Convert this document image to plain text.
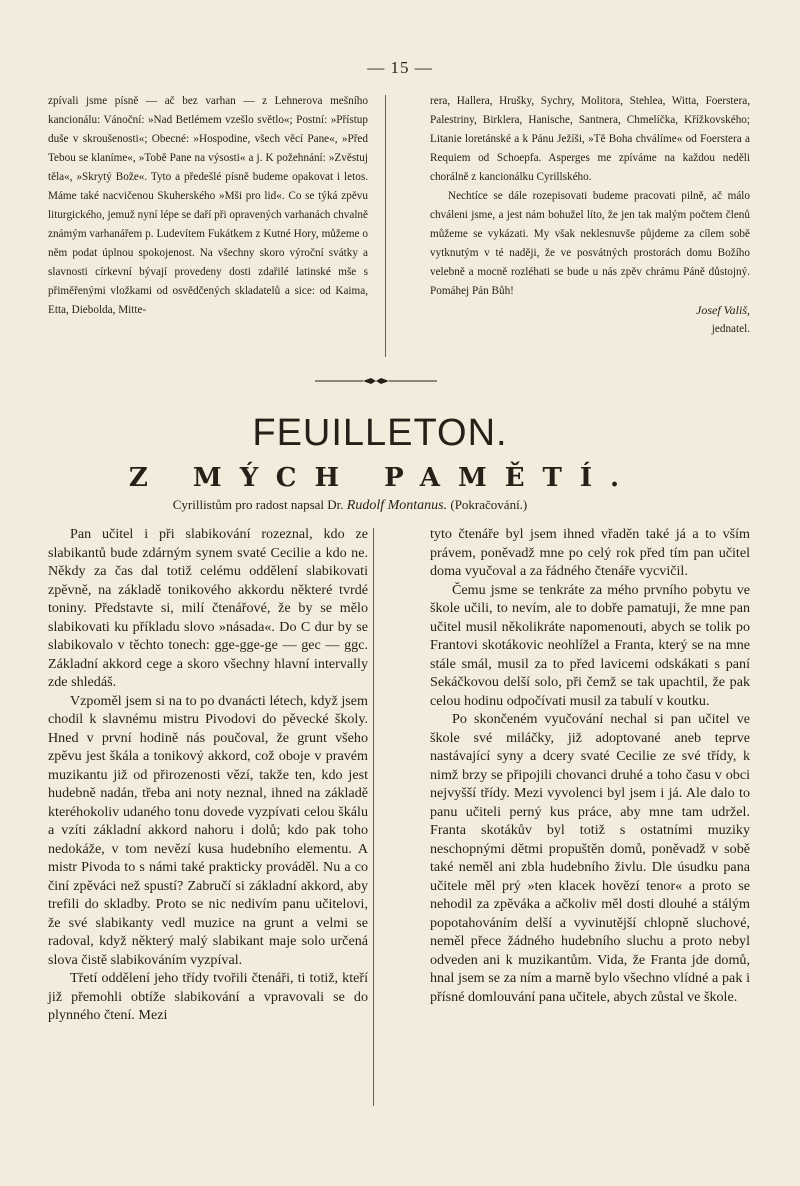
— 15 —

zpívali jsme písně — ač bez varhan — z Lehnerova mešního kancionálu: Vánoční: »Nad Betlémem vzešlo světlo«; Postní: »Přístup duše v skroušenosti«; Obecné: »Hospodine, všech věcí Pane«, »Před Tebou se klaníme«, »Tobě Pane na výsosti« a j. K požehnání: »Zvěstuj těla«, »Skrytý Bože«. Tyto a předešlé písně budeme opakovat i letos. Máme také nacvičenou Skuherského »Mši pro lid«. Co se týká zpěvu liturgického, jemuž nyní lépe se daří při opravených varhanách chvalně známým varhanářem p. Ludevítem Fukátkem z Kutné Hory, můžeme o něm podat úplnou spokojenost. Na všechny skoro výroční svátky a slavnosti církevní bývají provedeny dosti zdařilé latinské mše s přiměřenými vložkami od osvědčených skladatelů a sice: od Kaima, Etta, Diebolda, Mitte-

rera, Hallera, Hrušky, Sychry, Molitora, Stehlea, Witta, Foerstera, Palestriny, Birklera, Hanische, Santnera, Chmelíčka, Křížkovského; Litanie loretánské a k Pánu Ježíši, »Tě Boha chválíme« od Foerstera a Requiem od Schoepfa. Asperges me zpíváme na každou neděli chorálně z kancionálku Cyrillského.

Nechtíce se dále rozepisovati budeme pracovati pilně, ač málo chváleni jsme, a jest nám bohužel líto, že jen tak malým počtem členů můžeme se vykázati. My však neklesnuvše půjdeme za cílem sobě vytknutým v té naději, že ve posvátných prostorách domu Božího velebně a mocně rozléhati se bude u nás zpěv chrámu Páně důstojný. Pomáhej Pán Bůh!

Josef Vališ,

jednatel.

FEUILLETON.
Z MÝCH PAMĚTÍ.
Cyrillistům pro radost napsal Dr. Rudolf Montanus. (Pokračování.)

Pan učitel i při slabikování rozeznal, kdo ze slabikantů bude zdárným synem svaté Cecilie a kdo ne. Někdy za čas dal totiž celému oddělení slabikovati zpěvně, na základě tonikového akkordu některé tvrdé toniny. Představte si, milí čtenářové, že by se mělo slabikovati ku příkladu slovo »násada«. Do C dur by se slabikovalo v těchto tonech: gge-gge-ge — gec — ggc. Základní akkord cege a skoro všechny hlavní intervally zde shledáš.

Vzpoměl jsem si na to po dvanácti létech, když jsem chodil k slavnému mistru Pivodovi do pěvecké školy. Hned v první hodině nás poučoval, že grunt všeho zpěvu jest škála a tonikový akkord, což oboje v pravém muzikantu již od přirozenosti vězí, takže ten, kdo jest hudebně nadán, třeba ani noty neznal, ihned na základě kteréhokoliv udaného tonu dovede vyzpívati celou škálu a vzíti základní akkord nahoru i dolů; kdo pak toho nedokáže, v tom nevězí kusa hudebního elementu. A mistr Pivoda to s námi také prakticky prováděl. Nu a co činí zpěváci než spustí? Zabručí si základní akkord, aby trefili do skladby. Proto se nic nedivím panu učitelovi, že své slabikanty vedl muzice na grunt a velmi se radoval, když některý malý slabikant maje solo určená slova čistě slabikováním vyzpíval.

Třetí oddělení jeho třídy tvořili čtenáři, ti totiž, kteří již přemohli obtíže slabikování a vpravovali se do plynného čtení. Mezi

tyto čtenáře byl jsem ihned vřaděn také já a to vším právem, poněvadž mne po celý rok před tím pan učitel doma vyučoval a za řádného čtenáře vycvičil.

Čemu jsme se tenkráte za mého prvního pobytu ve škole učili, to nevím, ale to dobře pamatuji, že mne pan učitel musil několikráte napomenouti, abych se tolik po Frantovi skotákovic neohlížel a Franta, který se na mne stále smál, musil za to před lavicemi odskákati s paní Sekáčkovou delší solo, při čemž se tak upachtil, že pak celou hodinu odpočívati musil za tabulí v koutku.

Po skončeném vyučování nechal si pan učitel ve škole své miláčky, již adoptované aneb teprve nastávající syny a dcery svaté Cecilie ze své třídy, k nimž brzy se připojili chovanci druhé a toho času v obci nejvyšší třídy. Mezi vyvolenci byl jsem i já. Ale dalo to panu učiteli perný kus práce, aby mne tam udržel. Franta skotákův byl totiž s ostatními muziky neschopnými dětmi propuštěn domů, poněvadž v sobě také neměl ani zbla hudebního živlu. Dle úsudku pana učitele měl prý »ten klacek hovězí tenor« a proto se nehodil za zpěváka a ačkoliv měl dosti dlouhé a stálým popotahováním delší a vyvinutější chlopně sluchové, neměl přece žádného hudebního sluchu a proto nebyl odveden ani k muzikantům. Vida, že Franta jde domů, hnal jsem se za ním a marně bylo všechno vlídné a pak i přísné domlouvání pana učitele, abych zůstal ve škole.
